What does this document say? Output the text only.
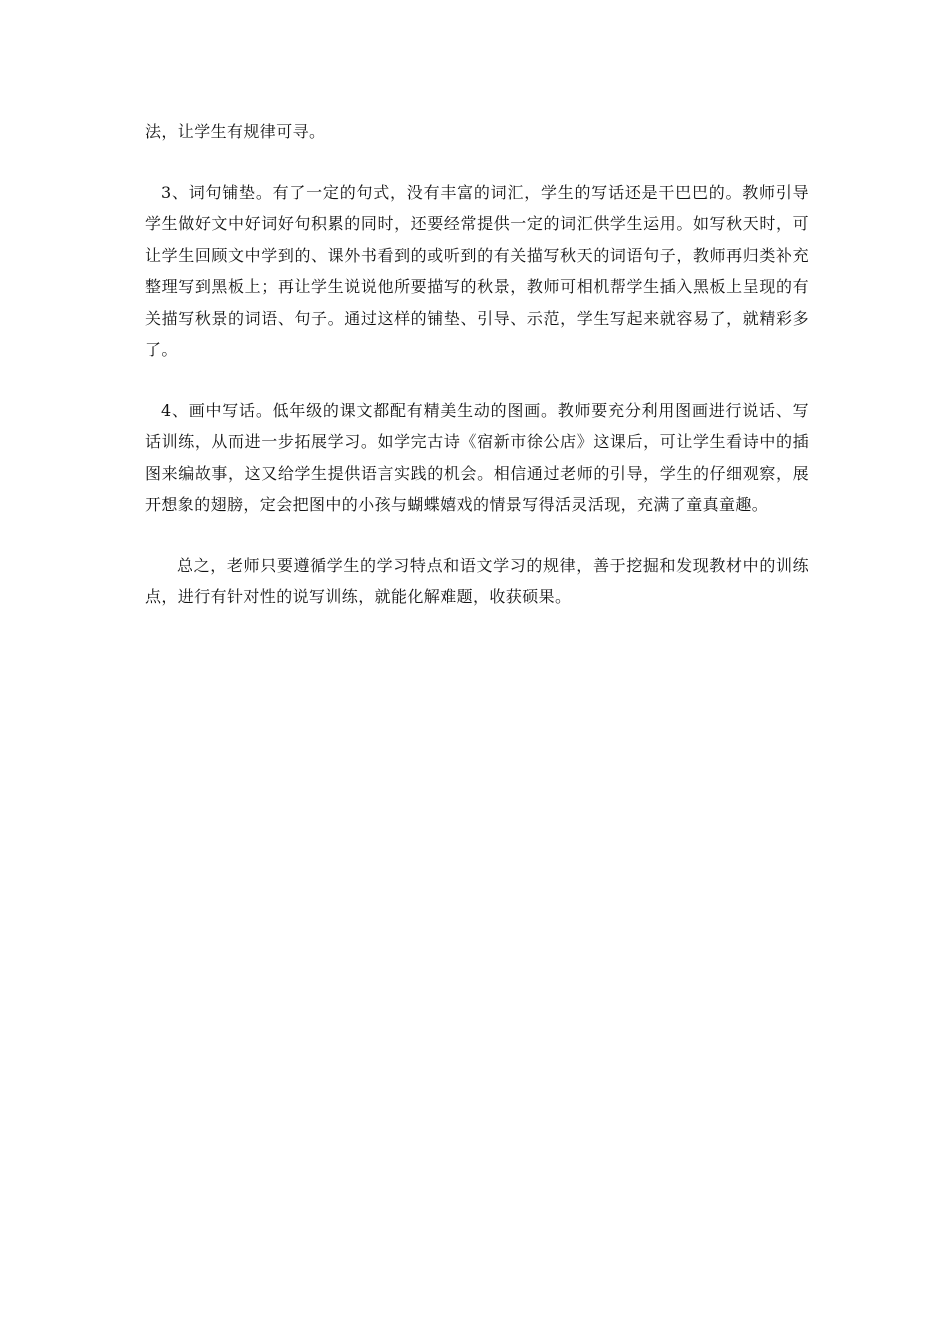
法，让学生有规律可寻。

3、词句铺垫。有了一定的句式，没有丰富的词汇，学生的写话还是干巴巴的。教师引导学生做好文中好词好句积累的同时，还要经常提供一定的词汇供学生运用。如写秋天时，可让学生回顾文中学到的、课外书看到的或听到的有关描写秋天的词语句子，教师再归类补充整理写到黑板上；再让学生说说他所要描写的秋景，教师可相机帮学生插入黑板上呈现的有关描写秋景的词语、句子。通过这样的铺垫、引导、示范，学生写起来就容易了，就精彩多了。

4、画中写话。低年级的课文都配有精美生动的图画。教师要充分利用图画进行说话、写话训练，从而进一步拓展学习。如学完古诗《宿新市徐公店》这课后，可让学生看诗中的插图来编故事，这又给学生提供语言实践的机会。相信通过老师的引导，学生的仔细观察，展开想象的翅膀，定会把图中的小孩与蝴蝶嬉戏的情景写得活灵活现，充满了童真童趣。

总之，老师只要遵循学生的学习特点和语文学习的规律，善于挖掘和发现教材中的训练点，进行有针对性的说写训练，就能化解难题，收获硕果。
